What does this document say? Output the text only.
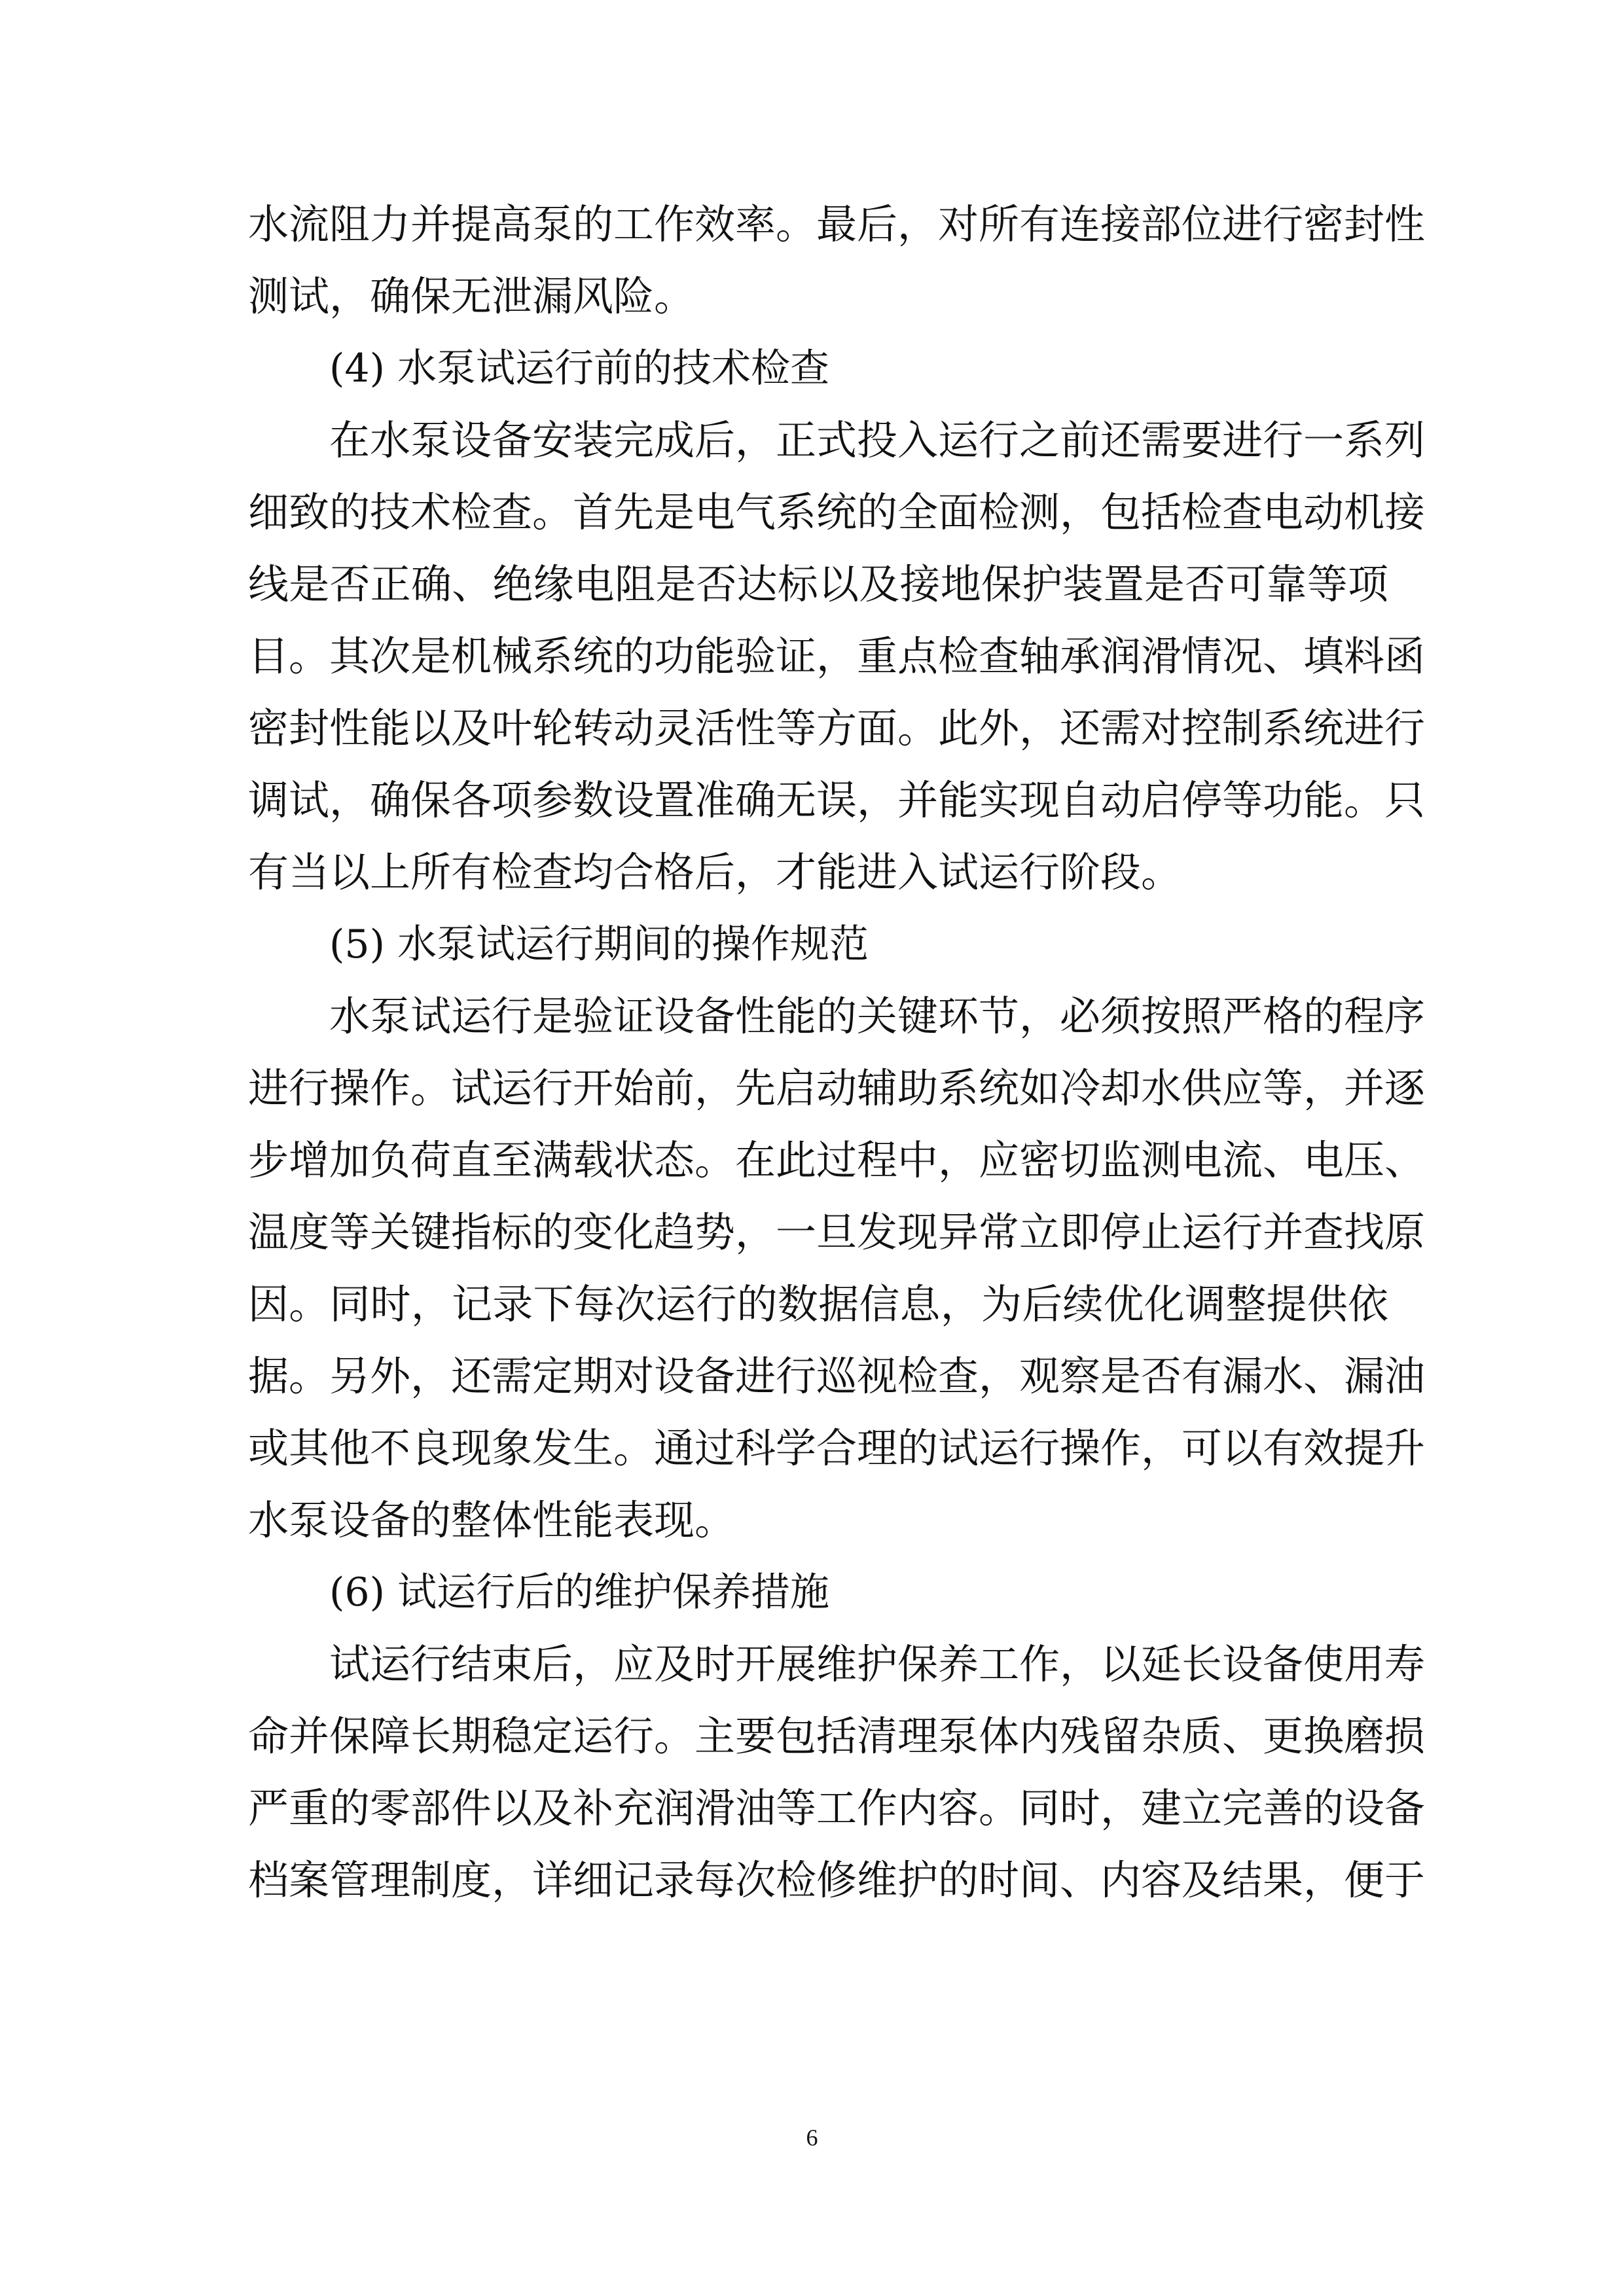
水流阻力并提高泵的工作效率。最后，对所有连接部位进行密封性
测试，确保无泄漏风险。
(4) 水泵试运行前的技术检查
在水泵设备安装完成后，正式投入运行之前还需要进行一系列
细致的技术检查。首先是电气系统的全面检测，包括检查电动机接
线是否正确、绝缘电阻是否达标以及接地保护装置是否可靠等项
目。其次是机械系统的功能验证，重点检查轴承润滑情况、填料函
密封性能以及叶轮转动灵活性等方面。此外，还需对控制系统进行
调试，确保各项参数设置准确无误，并能实现自动启停等功能。只
有当以上所有检查均合格后，才能进入试运行阶段。
(5) 水泵试运行期间的操作规范
水泵试运行是验证设备性能的关键环节，必须按照严格的程序
进行操作。试运行开始前，先启动辅助系统如冷却水供应等，并逐
步增加负荷直至满载状态。在此过程中，应密切监测电流、电压、
温度等关键指标的变化趋势，一旦发现异常立即停止运行并查找原
因。同时，记录下每次运行的数据信息，为后续优化调整提供依
据。另外，还需定期对设备进行巡视检查，观察是否有漏水、漏油
或其他不良现象发生。通过科学合理的试运行操作，可以有效提升
水泵设备的整体性能表现。
(6) 试运行后的维护保养措施
试运行结束后，应及时开展维护保养工作，以延长设备使用寿
命并保障长期稳定运行。主要包括清理泵体内残留杂质、更换磨损
严重的零部件以及补充润滑油等工作内容。同时，建立完善的设备
档案管理制度，详细记录每次检修维护的时间、内容及结果，便于
6
